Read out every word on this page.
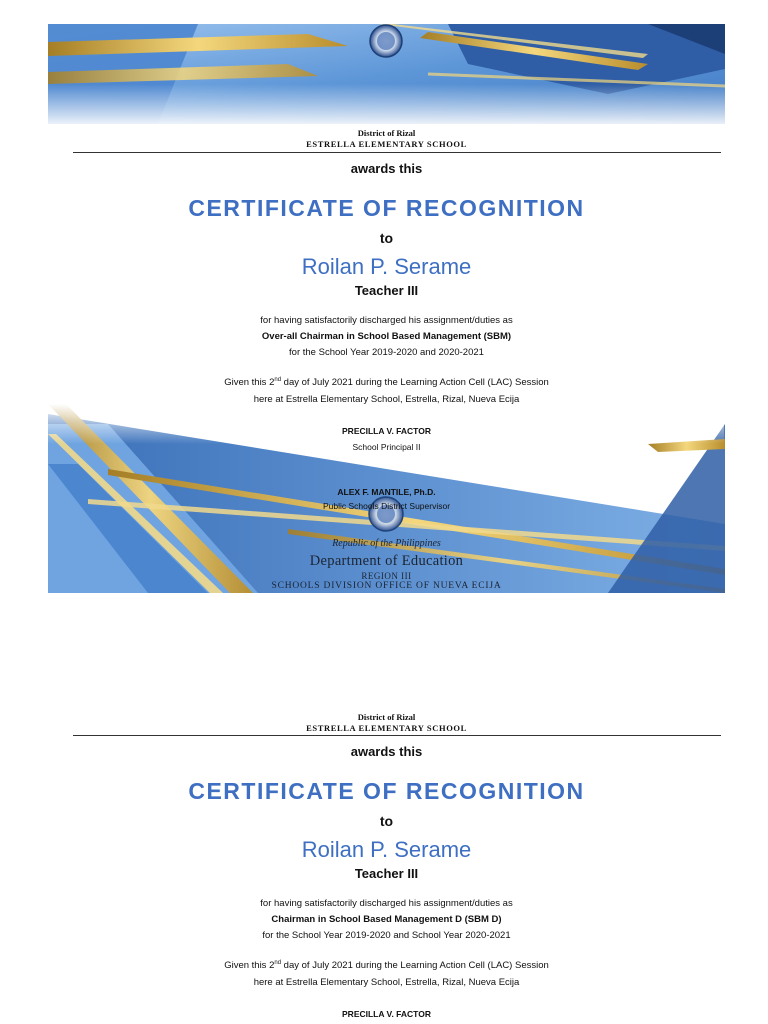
District of Rizal
ESTRELLA ELEMENTARY SCHOOL
awards this
CERTIFICATE OF RECOGNITION
to
Roilan P. Serame
Teacher III
for having satisfactorily discharged his assignment/duties as
Over-all Chairman in School Based Management (SBM)
for the School Year 2019-2020 and 2020-2021
Given this 2nd day of July 2021 during the Learning Action Cell (LAC) Session
here at Estrella Elementary School, Estrella, Rizal, Nueva Ecija
PRECILLA V. FACTOR
School Principal II
ALEX F. MANTILE, Ph.D.
Public Schools District Supervisor
Republic of the Philippines
Department of Education
REGION III
SCHOOLS DIVISION OFFICE OF NUEVA ECIJA
District of Rizal
ESTRELLA ELEMENTARY SCHOOL
awards this
CERTIFICATE OF RECOGNITION
to
Roilan P. Serame
Teacher III
for having satisfactorily discharged his assignment/duties as
Chairman in School Based Management D (SBM D)
for the School Year 2019-2020 and School Year 2020-2021
Given this 2nd day of July 2021 during the Learning Action Cell (LAC) Session
here at Estrella Elementary School, Estrella, Rizal, Nueva Ecija
PRECILLA V. FACTOR
